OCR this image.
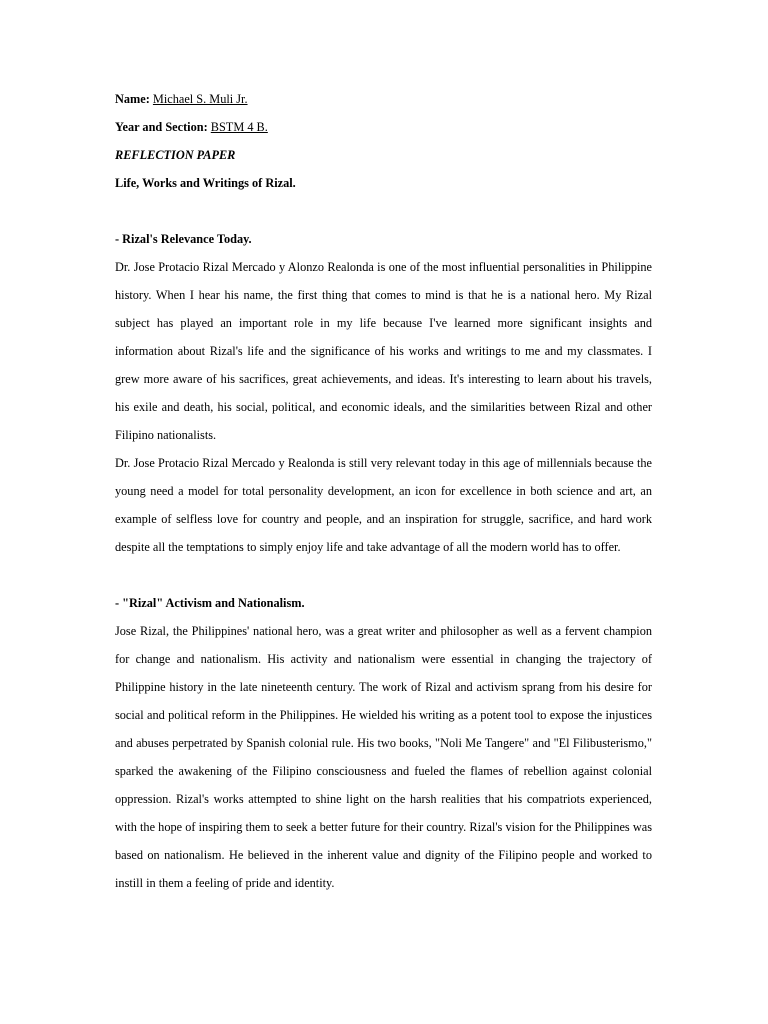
Name: Michael S. Muli Jr.
Year and Section: BSTM 4 B.
REFLECTION PAPER
Life, Works and Writings of Rizal.
- Rizal's Relevance Today.

Dr. Jose Protacio Rizal Mercado y Alonzo Realonda is one of the most influential personalities in Philippine history. When I hear his name, the first thing that comes to mind is that he is a national hero. My Rizal subject has played an important role in my life because I've learned more significant insights and information about Rizal's life and the significance of his works and writings to me and my classmates. I grew more aware of his sacrifices, great achievements, and ideas. It's interesting to learn about his travels, his exile and death, his social, political, and economic ideals, and the similarities between Rizal and other Filipino nationalists.

Dr. Jose Protacio Rizal Mercado y Realonda is still very relevant today in this age of millennials because the young need a model for total personality development, an icon for excellence in both science and art, an example of selfless love for country and people, and an inspiration for struggle, sacrifice, and hard work despite all the temptations to simply enjoy life and take advantage of all the modern world has to offer.

- "Rizal" Activism and Nationalism.

Jose Rizal, the Philippines' national hero, was a great writer and philosopher as well as a fervent champion for change and nationalism. His activity and nationalism were essential in changing the trajectory of Philippine history in the late nineteenth century. The work of Rizal and activism sprang from his desire for social and political reform in the Philippines. He wielded his writing as a potent tool to expose the injustices and abuses perpetrated by Spanish colonial rule. His two books, "Noli Me Tangere" and "El Filibusterismo," sparked the awakening of the Filipino consciousness and fueled the flames of rebellion against colonial oppression. Rizal's works attempted to shine light on the harsh realities that his compatriots experienced, with the hope of inspiring them to seek a better future for their country. Rizal's vision for the Philippines was based on nationalism. He believed in the inherent value and dignity of the Filipino people and worked to instill in them a feeling of pride and identity.
